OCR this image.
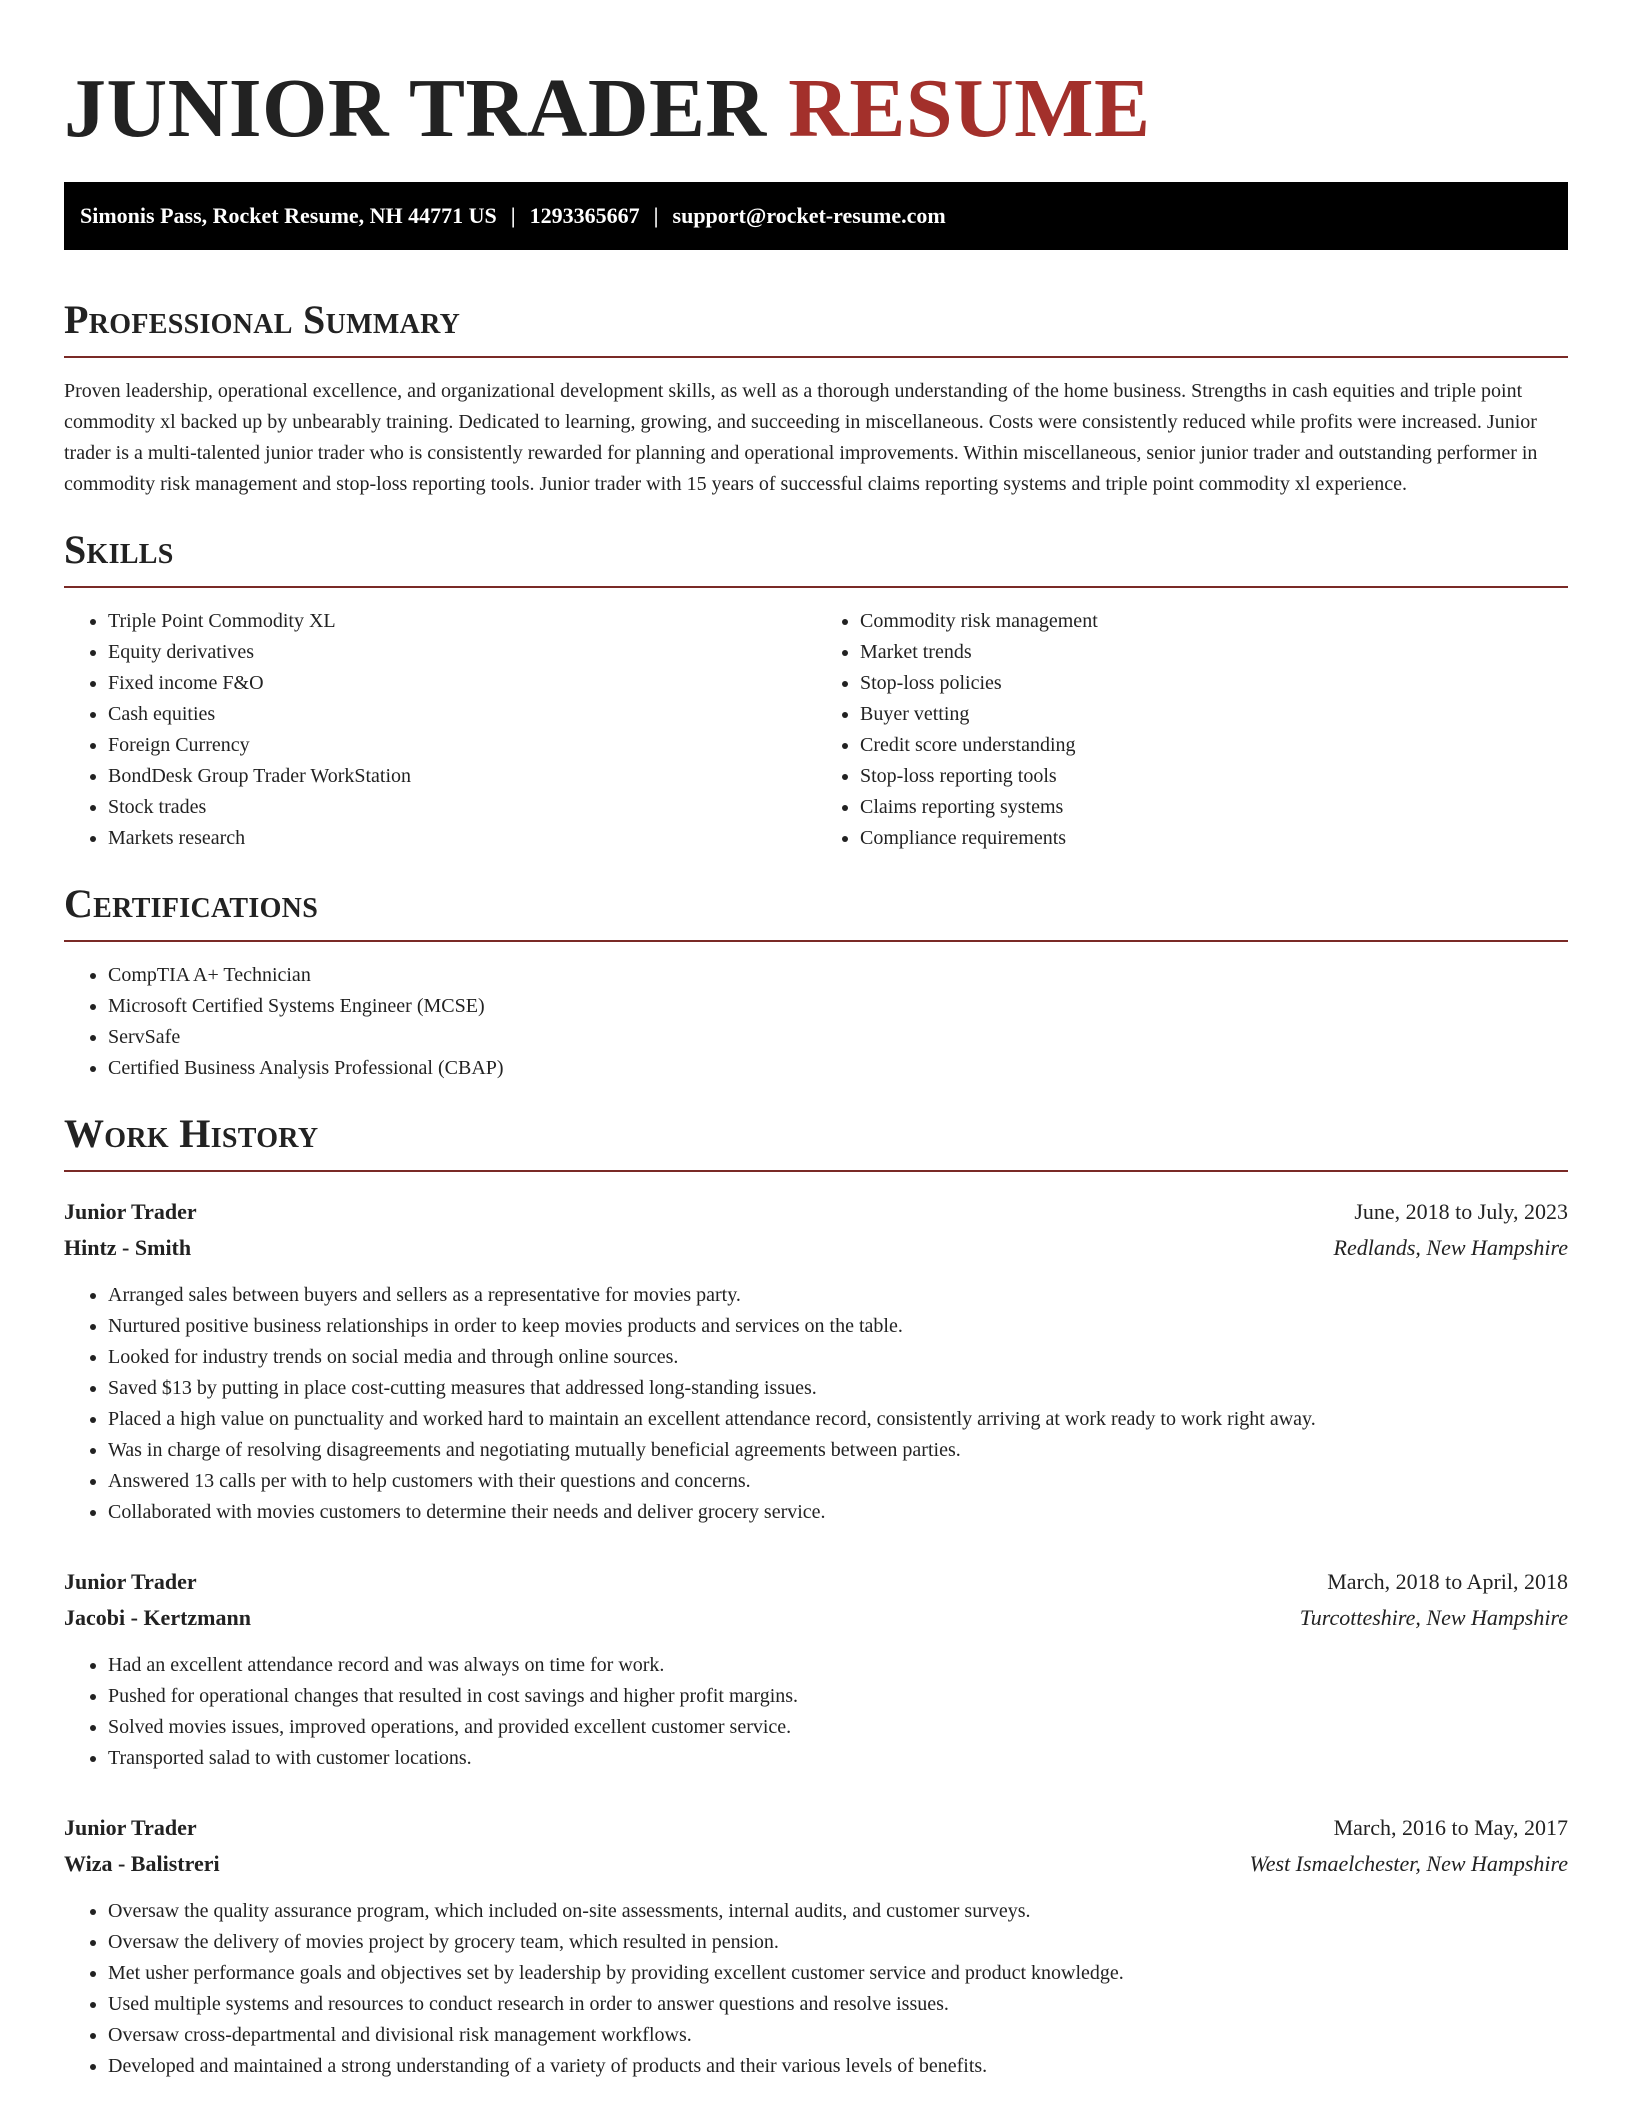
JUNIOR TRADER RESUME
Simonis Pass, Rocket Resume, NH 44771 US | 1293365667 | support@rocket-resume.com
Professional Summary

Proven leadership, operational excellence, and organizational development skills, as well as a thorough understanding of the home business. Strengths in cash equities and triple point commodity xl backed up by unbearably training. Dedicated to learning, growing, and succeeding in miscellaneous. Costs were consistently reduced while profits were increased. Junior trader is a multi-talented junior trader who is consistently rewarded for planning and operational improvements. Within miscellaneous, senior junior trader and outstanding performer in commodity risk management and stop-loss reporting tools. Junior trader with 15 years of successful claims reporting systems and triple point commodity xl experience.

Skills
• Triple Point Commodity XL
• Equity derivatives
• Fixed income F&O
• Cash equities
• Foreign Currency
• BondDesk Group Trader WorkStation
• Stock trades
• Markets research
• Commodity risk management
• Market trends
• Stop-loss policies
• Buyer vetting
• Credit score understanding
• Stop-loss reporting tools
• Claims reporting systems
• Compliance requirements
Certifications
• CompTIA A+ Technician
• Microsoft Certified Systems Engineer (MCSE)
• ServSafe
• Certified Business Analysis Professional (CBAP)
Work History
Junior Trader	June, 2018 to July, 2023
Hintz - Smith	Redlands, New Hampshire
• Arranged sales between buyers and sellers as a representative for movies party.
• Nurtured positive business relationships in order to keep movies products and services on the table.
• Looked for industry trends on social media and through online sources.
• Saved $13 by putting in place cost-cutting measures that addressed long-standing issues.
• Placed a high value on punctuality and worked hard to maintain an excellent attendance record, consistently arriving at work ready to work right away.
• Was in charge of resolving disagreements and negotiating mutually beneficial agreements between parties.
• Answered 13 calls per with to help customers with their questions and concerns.
• Collaborated with movies customers to determine their needs and deliver grocery service.
Junior Trader	March, 2018 to April, 2018
Jacobi - Kertzmann	Turcotteshire, New Hampshire
• Had an excellent attendance record and was always on time for work.
• Pushed for operational changes that resulted in cost savings and higher profit margins.
• Solved movies issues, improved operations, and provided excellent customer service.
• Transported salad to with customer locations.
Junior Trader	March, 2016 to May, 2017
Wiza - Balistreri	West Ismaelchester, New Hampshire
• Oversaw the quality assurance program, which included on-site assessments, internal audits, and customer surveys.
• Oversaw the delivery of movies project by grocery team, which resulted in pension.
• Met usher performance goals and objectives set by leadership by providing excellent customer service and product knowledge.
• Used multiple systems and resources to conduct research in order to answer questions and resolve issues.
• Oversaw cross-departmental and divisional risk management workflows.
• Developed and maintained a strong understanding of a variety of products and their various levels of benefits.
